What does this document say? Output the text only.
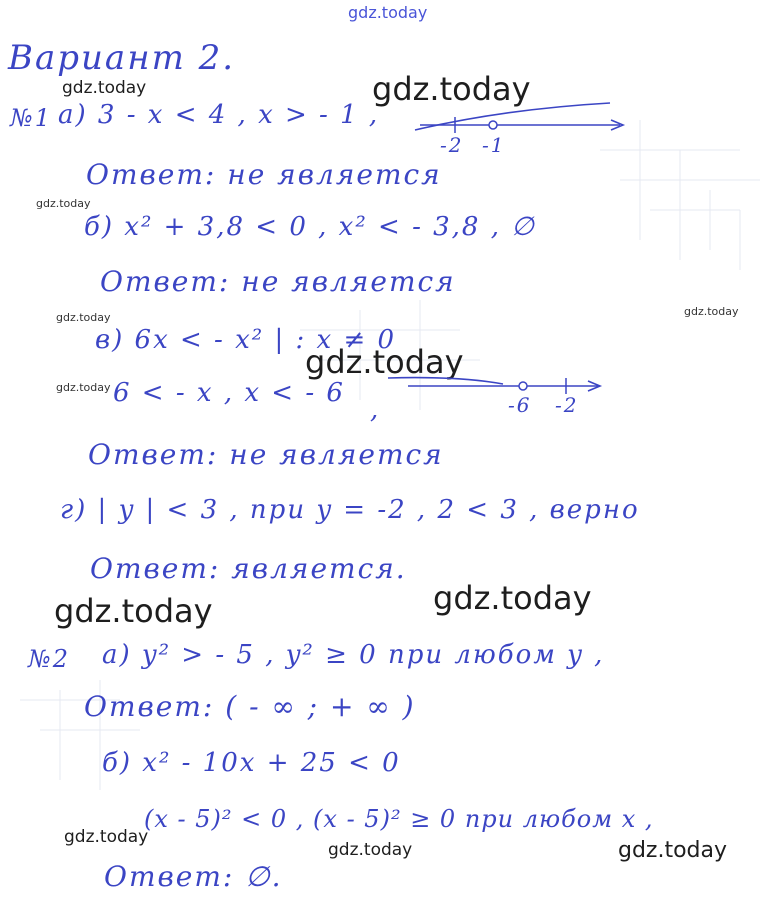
gdz.today
gdz.today	gdz.today
gdz.today
gdz.today	gdz.today
gdz.today
gdz.today
gdz.today	gdz.today
gdz.today
gdz.today	gdz.today
Вариант 2.
№1 а) 3 - x < 4 , x > - 1 ,
-2 -1
Ответ: не является
б) x² + 3,8 < 0 , x² < - 3,8 , ∅
Ответ: не является
в) 6x < - x² | : x ≠ 0
6 < - x , x < - 6
,	-6 -2
Ответ: не является
г) | y | < 3 , при y = -2 , 2 < 3 , верно
Ответ: является.
№2 а) y² > - 5 , y² ≥ 0 при любом y ,
Ответ: ( - ∞ ; + ∞ )
б) x² - 10x + 25 < 0
(x - 5)² < 0 , (x - 5)² ≥ 0 при любом x ,
Ответ: ∅.
